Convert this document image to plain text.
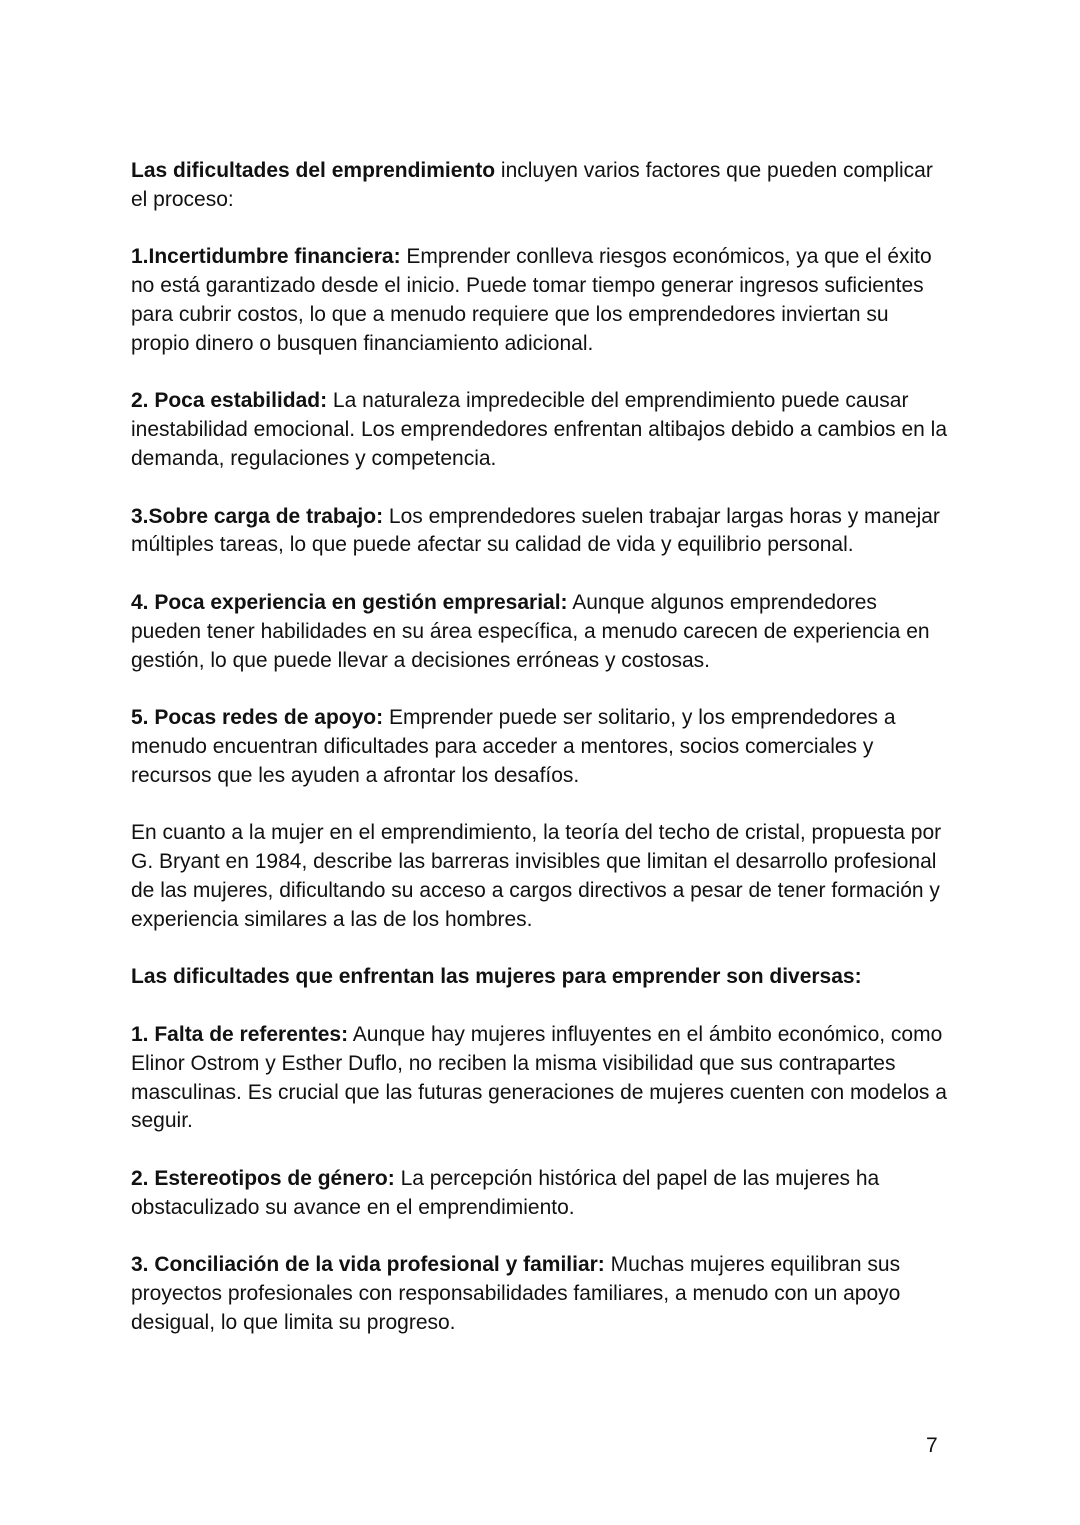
Las dificultades del emprendimiento incluyen varios factores que pueden complicar el proceso:

1.Incertidumbre financiera: Emprender conlleva riesgos económicos, ya que el éxito no está garantizado desde el inicio. Puede tomar tiempo generar ingresos suficientes para cubrir costos, lo que a menudo requiere que los emprendedores inviertan su propio dinero o busquen financiamiento adicional.

2. Poca estabilidad: La naturaleza impredecible del emprendimiento puede causar inestabilidad emocional. Los emprendedores enfrentan altibajos debido a cambios en la demanda, regulaciones y competencia.

3.Sobre carga de trabajo: Los emprendedores suelen trabajar largas horas y manejar múltiples tareas, lo que puede afectar su calidad de vida y equilibrio personal.

4. Poca experiencia en gestión empresarial: Aunque algunos emprendedores pueden tener habilidades en su área específica, a menudo carecen de experiencia en gestión, lo que puede llevar a decisiones erróneas y costosas.

5. Pocas redes de apoyo: Emprender puede ser solitario, y los emprendedores a menudo encuentran dificultades para acceder a mentores, socios comerciales y recursos que les ayuden a afrontar los desafíos.

En cuanto a la mujer en el emprendimiento, la teoría del techo de cristal, propuesta por G. Bryant en 1984, describe las barreras invisibles que limitan el desarrollo profesional de las mujeres, dificultando su acceso a cargos directivos a pesar de tener formación y experiencia similares a las de los hombres.

Las dificultades que enfrentan las mujeres para emprender son diversas:

1. Falta de referentes: Aunque hay mujeres influyentes en el ámbito económico, como Elinor Ostrom y Esther Duflo, no reciben la misma visibilidad que sus contrapartes masculinas. Es crucial que las futuras generaciones de mujeres cuenten con modelos a seguir.

2. Estereotipos de género: La percepción histórica del papel de las mujeres ha obstaculizado su avance en el emprendimiento.

3. Conciliación de la vida profesional y familiar: Muchas mujeres equilibran sus proyectos profesionales con responsabilidades familiares, a menudo con un apoyo desigual, lo que limita su progreso.

7
